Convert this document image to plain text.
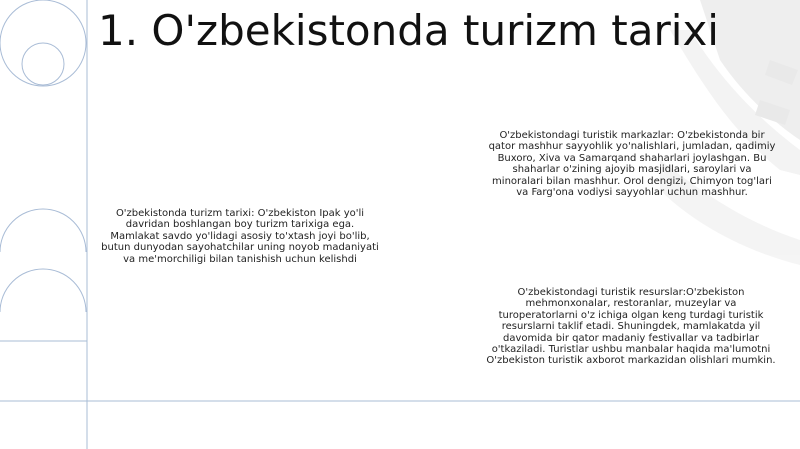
1. O'zbekistonda turizm tarixi
O'zbekistonda turizm tarixi: O'zbekiston Ipak yo'li davridan boshlangan boy turizm tarixiga ega. Mamlakat savdo yo'lidagi asosiy to'xtash joyi bo'lib, butun dunyodan sayohatchilar uning noyob madaniyati va me'morchiligi bilan tanishish uchun kelishdi
O'zbekistondagi turistik markazlar: O'zbekistonda bir qator mashhur sayyohlik yo'nalishlari, jumladan, qadimiy Buxoro, Xiva va Samarqand shaharlari joylashgan. Bu shaharlar o'zining ajoyib masjidlari, saroylari va minoralari bilan mashhur. Orol dengizi, Chimyon tog'lari va Farg'ona vodiysi sayyohlar uchun mashhur.
O'zbekistondagi turistik resurslar:O'zbekiston mehmonxonalar, restoranlar, muzeylar va turoperatorlarni o'z ichiga olgan keng turdagi turistik resurslarni taklif etadi. Shuningdek, mamlakatda yil davomida bir qator madaniy festivallar va tadbirlar o'tkaziladi. Turistlar ushbu manbalar haqida ma'lumotni O'zbekiston turistik axborot markazidan olishlari mumkin.
